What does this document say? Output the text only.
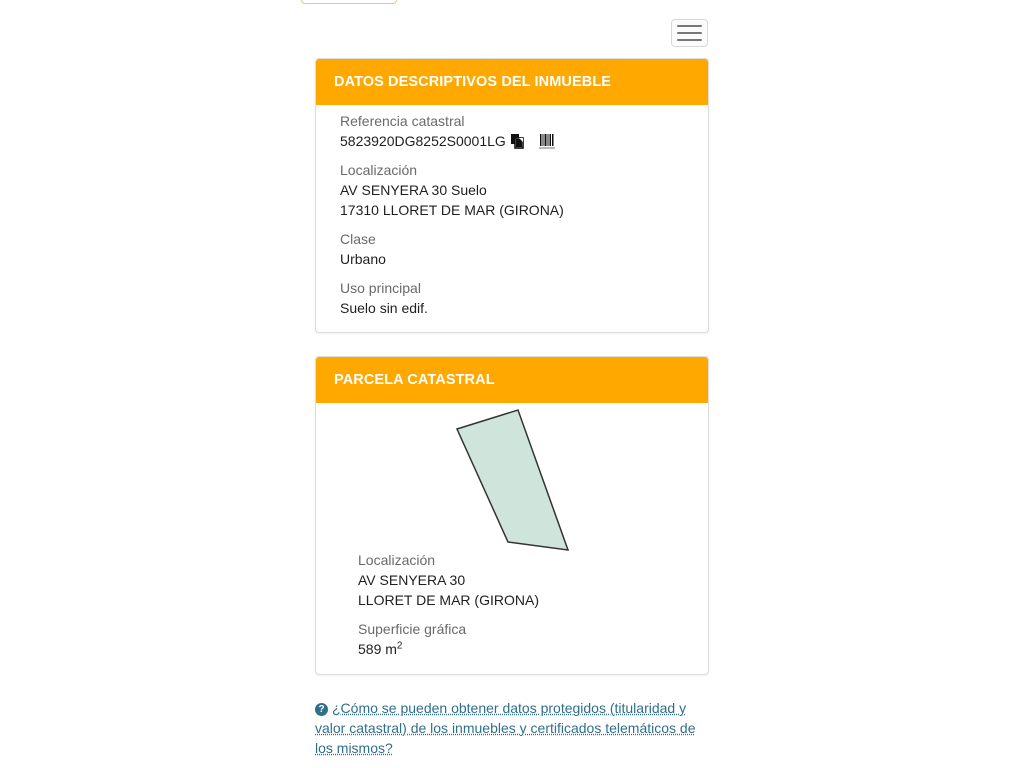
DATOS DESCRIPTIVOS DEL INMUEBLE
Referencia catastral
5823920DG8252S0001LG
Localización
AV SENYERA 30 Suelo
17310 LLORET DE MAR (GIRONA)
Clase
Urbano
Uso principal
Suelo sin edif.
PARCELA CATASTRAL
Localización
AV SENYERA 30
LLORET DE MAR (GIRONA)
Superficie gráfica
589 $m^2$
? ¿Cómo se pueden obtener datos protegidos (titularidad y valor catastral) de los inmuebles y certificados telemáticos de los mismos?
